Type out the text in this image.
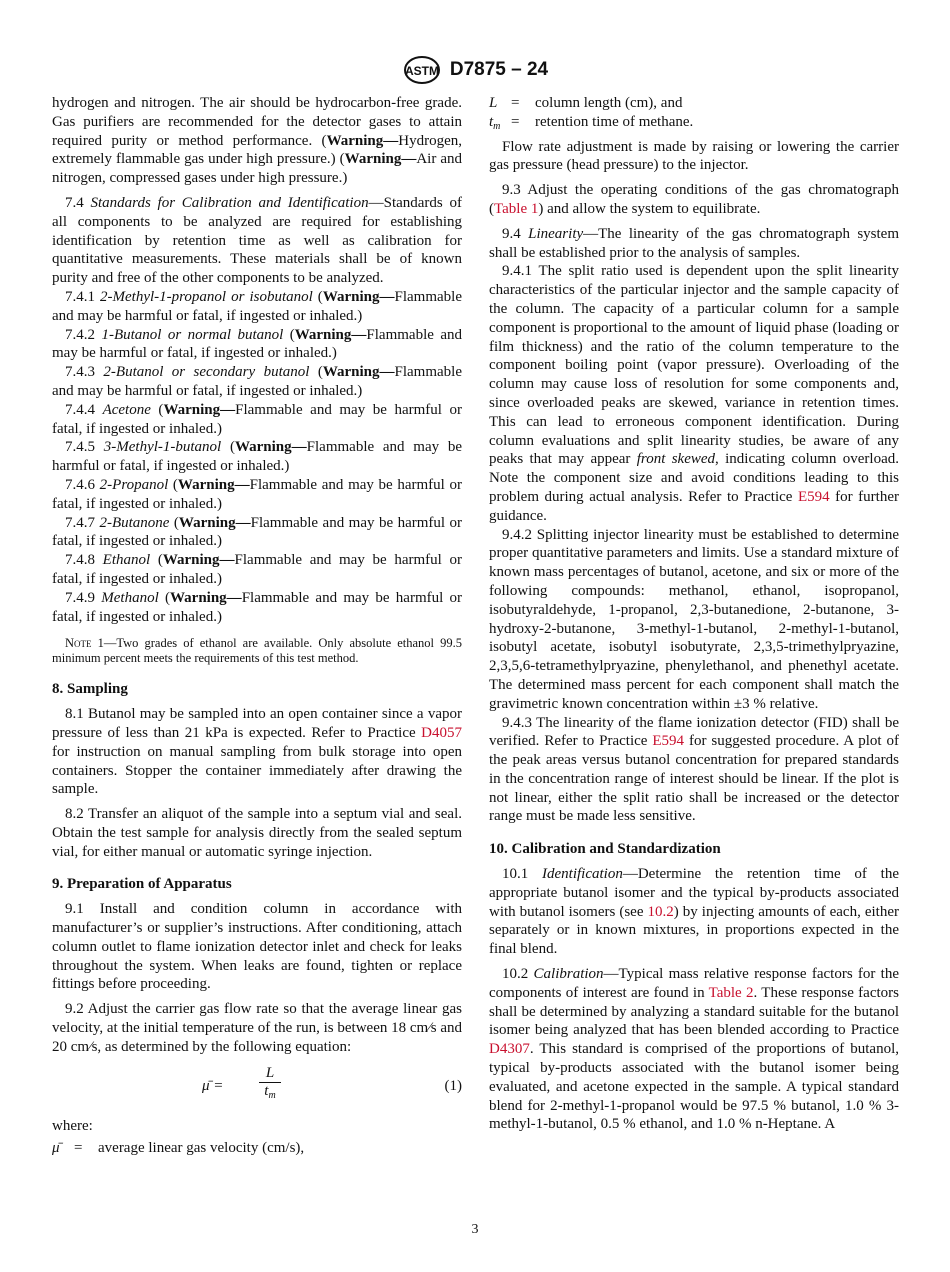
ASTM D7875 – 24

hydrogen and nitrogen. The air should be hydrocarbon-free grade. Gas purifiers are recommended for the detector gases to attain required purity or method performance. (Warning—Hydrogen, extremely flammable gas under high pressure.) (Warning—Air and nitrogen, compressed gases under high pressure.)

7.4 Standards for Calibration and Identification—Standards of all components to be analyzed are required for establishing identification by retention time as well as calibration for quantitative measurements. These materials shall be of known purity and free of the other components to be analyzed.

7.4.1 2-Methyl-1-propanol or isobutanol (Warning—Flammable and may be harmful or fatal, if ingested or inhaled.)

7.4.2 1-Butanol or normal butanol (Warning—Flammable and may be harmful or fatal, if ingested or inhaled.)

7.4.3 2-Butanol or secondary butanol (Warning—Flammable and may be harmful or fatal, if ingested or inhaled.)

7.4.4 Acetone (Warning—Flammable and may be harmful or fatal, if ingested or inhaled.)

7.4.5 3-Methyl-1-butanol (Warning—Flammable and may be harmful or fatal, if ingested or inhaled.)

7.4.6 2-Propanol (Warning—Flammable and may be harmful or fatal, if ingested or inhaled.)

7.4.7 2-Butanone (Warning—Flammable and may be harmful or fatal, if ingested or inhaled.)

7.4.8 Ethanol (Warning—Flammable and may be harmful or fatal, if ingested or inhaled.)

7.4.9 Methanol (Warning—Flammable and may be harmful or fatal, if ingested or inhaled.)

Note 1—Two grades of ethanol are available. Only absolute ethanol 99.5 minimum percent meets the requirements of this test method.

8. Sampling

8.1 Butanol may be sampled into an open container since a vapor pressure of less than 21 kPa is expected. Refer to Practice D4057 for instruction on manual sampling from bulk storage into open containers. Stopper the container immediately after drawing the sample.

8.2 Transfer an aliquot of the sample into a septum vial and seal. Obtain the test sample for analysis directly from the sealed septum vial, for either manual or automatic syringe injection.

9. Preparation of Apparatus

9.1 Install and condition column in accordance with manufacturer’s or supplier’s instructions. After conditioning, attach column outlet to flame ionization detector inlet and check for leaks throughout the system. When leaks are found, tighten or replace fittings before proceeding.

9.2 Adjust the carrier gas flow rate so that the average linear gas velocity, at the initial temperature of the run, is between 18 cm⁄s and 20 cm⁄s, as determined by the following equation:

μ̄ = $\frac{L}{t_m}$	(1)

where:

μ̄ =	average linear gas velocity (cm/s),
L =	column length (cm), and
$t_m$ =	retention time of methane.

Flow rate adjustment is made by raising or lowering the carrier gas pressure (head pressure) to the injector.

9.3 Adjust the operating conditions of the gas chromatograph (Table 1) and allow the system to equilibrate.

9.4 Linearity—The linearity of the gas chromatograph system shall be established prior to the analysis of samples.

9.4.1 The split ratio used is dependent upon the split linearity characteristics of the particular injector and the sample capacity of the column. The capacity of a particular column for a sample component is proportional to the amount of liquid phase (loading or film thickness) and the ratio of the column temperature to the component boiling point (vapor pressure). Overloading of the column may cause loss of resolution for some components and, since overloaded peaks are skewed, variance in retention times. This can lead to erroneous component identification. During column evaluations and split linearity studies, be aware of any peaks that may appear front skewed, indicating column overload. Note the component size and avoid conditions leading to this problem during actual analysis. Refer to Practice E594 for further guidance.

9.4.2 Splitting injector linearity must be established to determine proper quantitative parameters and limits. Use a standard mixture of known mass percentages of butanol, acetone, and six or more of the following compounds: methanol, ethanol, isopropanol, isobutyraldehyde, 1-propanol, 2,3-butanedione, 2-butanone, 3-hydroxy-2-butanone, 3-methyl-1-butanol, 2-methyl-1-butanol, isobutyl acetate, isobutyl isobutyrate, 2,3,5-trimethylpryazine, 2,3,5,6-tetramethylpryazine, phenylethanol, and phenethyl acetate. The determined mass percent for each component shall match the gravimetric known concentration within ±3 % relative.

9.4.3 The linearity of the flame ionization detector (FID) shall be verified. Refer to Practice E594 for suggested procedure. A plot of the peak areas versus butanol concentration for prepared standards in the concentration range of interest should be linear. If the plot is not linear, either the split ratio shall be increased or the detector range must be made less sensitive.

10. Calibration and Standardization

10.1 Identification—Determine the retention time of the appropriate butanol isomer and the typical by-products associated with butanol isomers (see 10.2) by injecting amounts of each, either separately or in known mixtures, in proportions expected in the final blend.

10.2 Calibration—Typical mass relative response factors for the components of interest are found in Table 2. These response factors shall be determined by analyzing a standard suitable for the butanol isomer being analyzed that has been blended according to Practice D4307. This standard is comprised of the proportions of butanol, typical by-products associated with the butanol isomer being evaluated, and acetone expected in the sample. A typical standard blend for 2-methyl-1-propanol would be 97.5 % butanol, 1.0 % 3-methyl-1-butanol, 0.5 % ethanol, and 1.0 % n-Heptane. A

3
